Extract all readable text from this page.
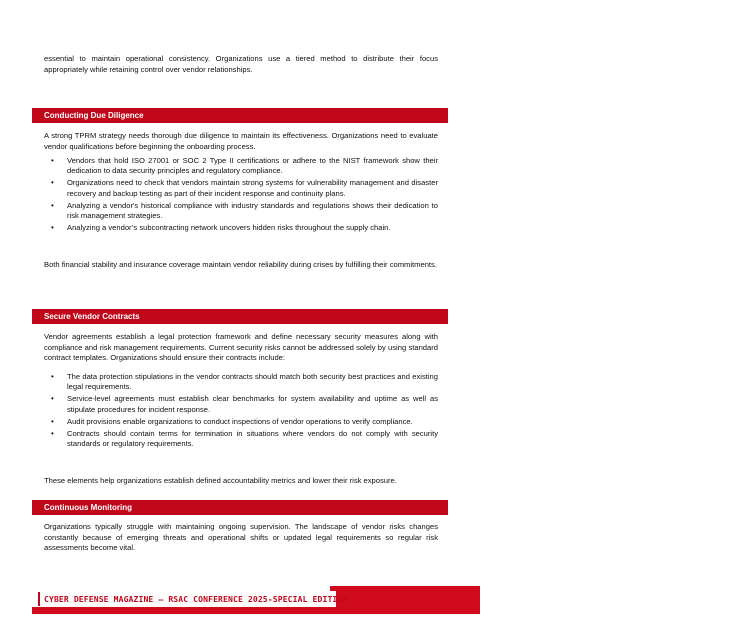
essential to maintain operational consistency. Organizations use a tiered method to distribute their focus appropriately while retaining control over vendor relationships.

Conducting Due Diligence

A strong TPRM strategy needs thorough due diligence to maintain its effectiveness. Organizations need to evaluate vendor qualifications before beginning the onboarding process.

• Vendors that hold ISO 27001 or SOC 2 Type II certifications or adhere to the NIST framework show their dedication to data security principles and regulatory compliance.
• Organizations need to check that vendors maintain strong systems for vulnerability management and disaster recovery and backup testing as part of their incident response and continuity plans.
• Analyzing a vendor's historical compliance with industry standards and regulations shows their dedication to risk management strategies.
• Analyzing a vendor’s subcontracting network uncovers hidden risks throughout the supply chain.

Both financial stability and insurance coverage maintain vendor reliability during crises by fulfilling their commitments.

Secure Vendor Contracts

Vendor agreements establish a legal protection framework and define necessary security measures along with compliance and risk management requirements. Current security risks cannot be addressed solely by using standard contract templates. Organizations should ensure their contracts include:

• The data protection stipulations in the vendor contracts should match both security best practices and existing legal requirements.
• Service-level agreements must establish clear benchmarks for system availability and uptime as well as stipulate procedures for incident response.
• Audit provisions enable organizations to conduct inspections of vendor operations to verify compliance.
• Contracts should contain terms for termination in situations where vendors do not comply with security standards or regulatory requirements.

These elements help organizations establish defined accountability metrics and lower their risk exposure.

Continuous Monitoring

Organizations typically struggle with maintaining ongoing supervision. The landscape of vendor risks changes constantly because of emerging threats and operational shifts or updated legal requirements so regular risk assessments become vital.

62
CYBER DEFENSE MAGAZINE – RSAC CONFERENCE 2025-SPECIAL EDITION
